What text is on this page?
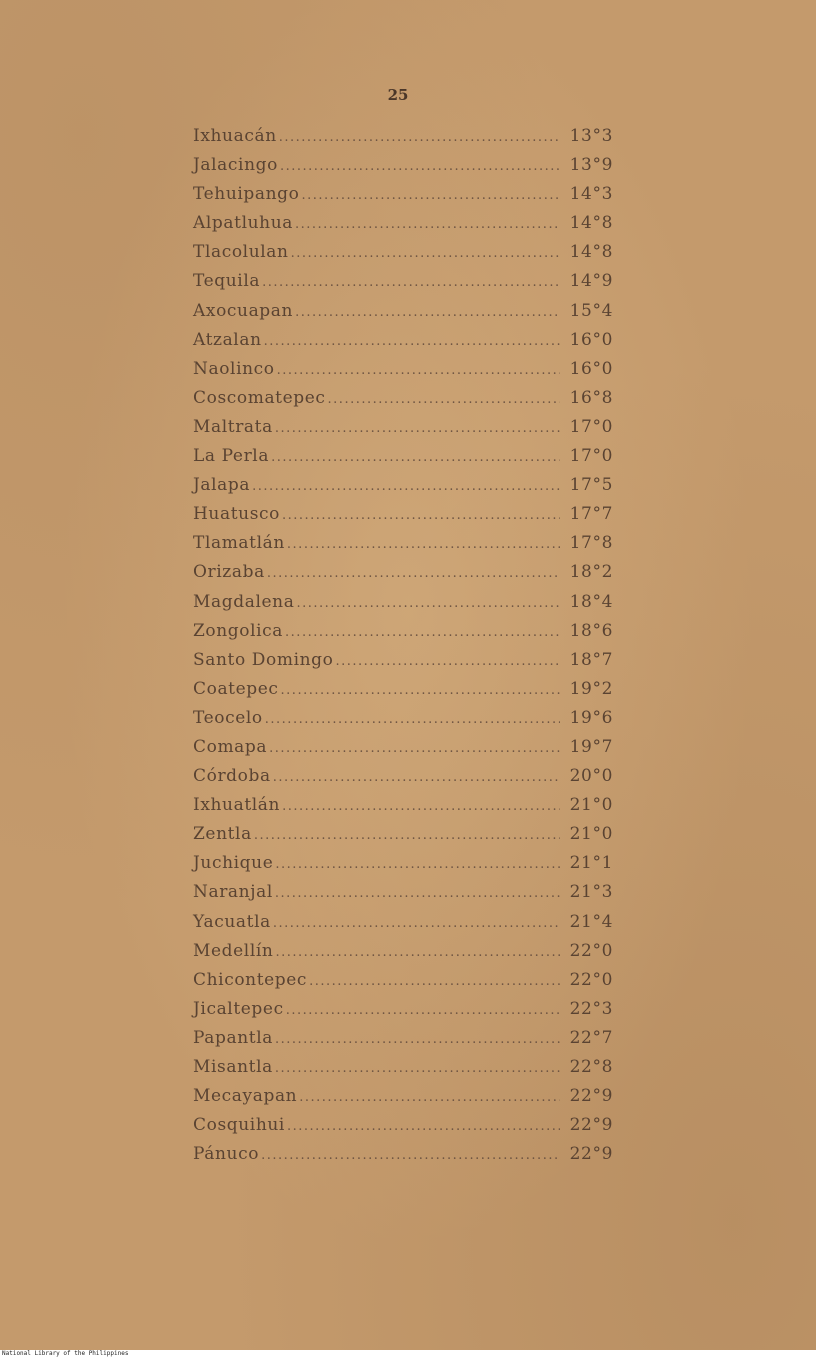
25
Ixhuacán .....	13°3
Jalacingo .....	13°9
Tehuipango .....	14°3
Alpatluhua .....	14°8
Tlacolulan .....	14°8
Tequila .....	14°9
Axocuapan .....	15°4
Atzalan .....	16°0
Naolinco .....	16°0
Coscomatepec .....	16°8
Maltrata .....	17°0
La Perla .....	17°0
Jalapa .....	17°5
Huatusco .....	17°7
Tlamatlán .....	17°8
Orizaba .....	18°2
Magdalena .....	18°4
Zongolica .....	18°6
Santo Domingo .....	18°7
Coatepec .....	19°2
Teocelo .....	19°6
Comapa .....	19°7
Córdoba .....	20°0
Ixhuatlán .....	21°0
Zentla .....	21°0
Juchique .....	21°1
Naranjal .....	21°3
Yacuatla .....	21°4
Medellín .....	22°0
Chicontepec .....	22°0
Jicaltepec .....	22°3
Papantla .....	22°7
Misantla .....	22°8
Mecayapan .....	22°9
Cosquihui .....	22°9
Pánuco .....	22°9
National Library of the Philippines
